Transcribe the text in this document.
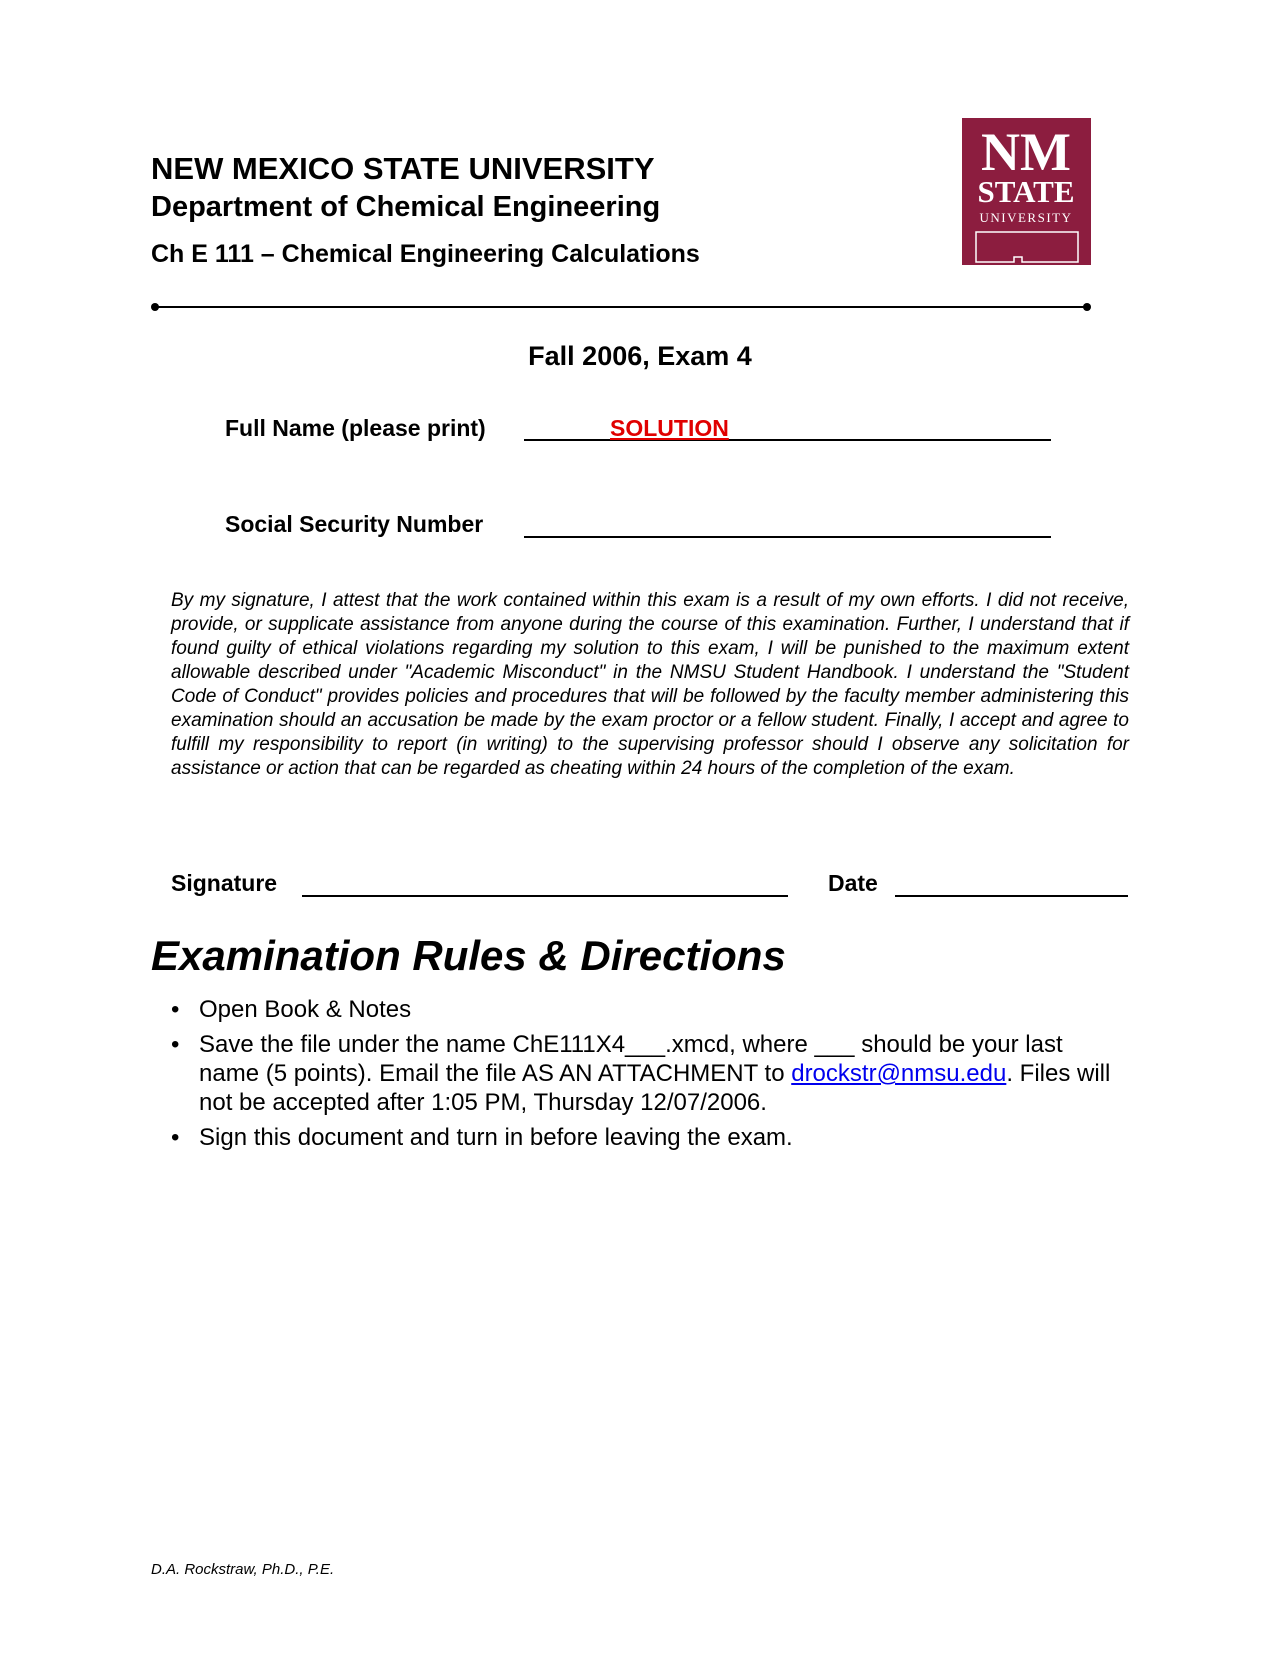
NEW MEXICO STATE UNIVERSITY
Department of Chemical Engineering
Ch E 111 – Chemical Engineering Calculations
NM
STATE
UNIVERSITY
Fall 2006, Exam 4
Full Name (please print)	SOLUTION
Social Security Number
By my signature, I attest that the work contained within this exam is a result of my own efforts. I did not receive, provide, or supplicate assistance from anyone during the course of this examination. Further, I understand that if found guilty of ethical violations regarding my solution to this exam, I will be punished to the maximum extent allowable described under "Academic Misconduct" in the NMSU Student Handbook. I understand the "Student Code of Conduct" provides policies and procedures that will be followed by the faculty member administering this examination should an accusation be made by the exam proctor or a fellow student. Finally, I accept and agree to fulfill my responsibility to report (in writing) to the supervising professor should I observe any solicitation for assistance or action that can be regarded as cheating within 24 hours of the completion of the exam.
Signature	Date
Examination Rules & Directions
• Open Book & Notes
• Save the file under the name ChE111X4___.xmcd, where ___ should be your last name (5 points). Email the file AS AN ATTACHMENT to drockstr@nmsu.edu. Files will not be accepted after 1:05 PM, Thursday 12/07/2006.
• Sign this document and turn in before leaving the exam.
D.A. Rockstraw, Ph.D., P.E.
